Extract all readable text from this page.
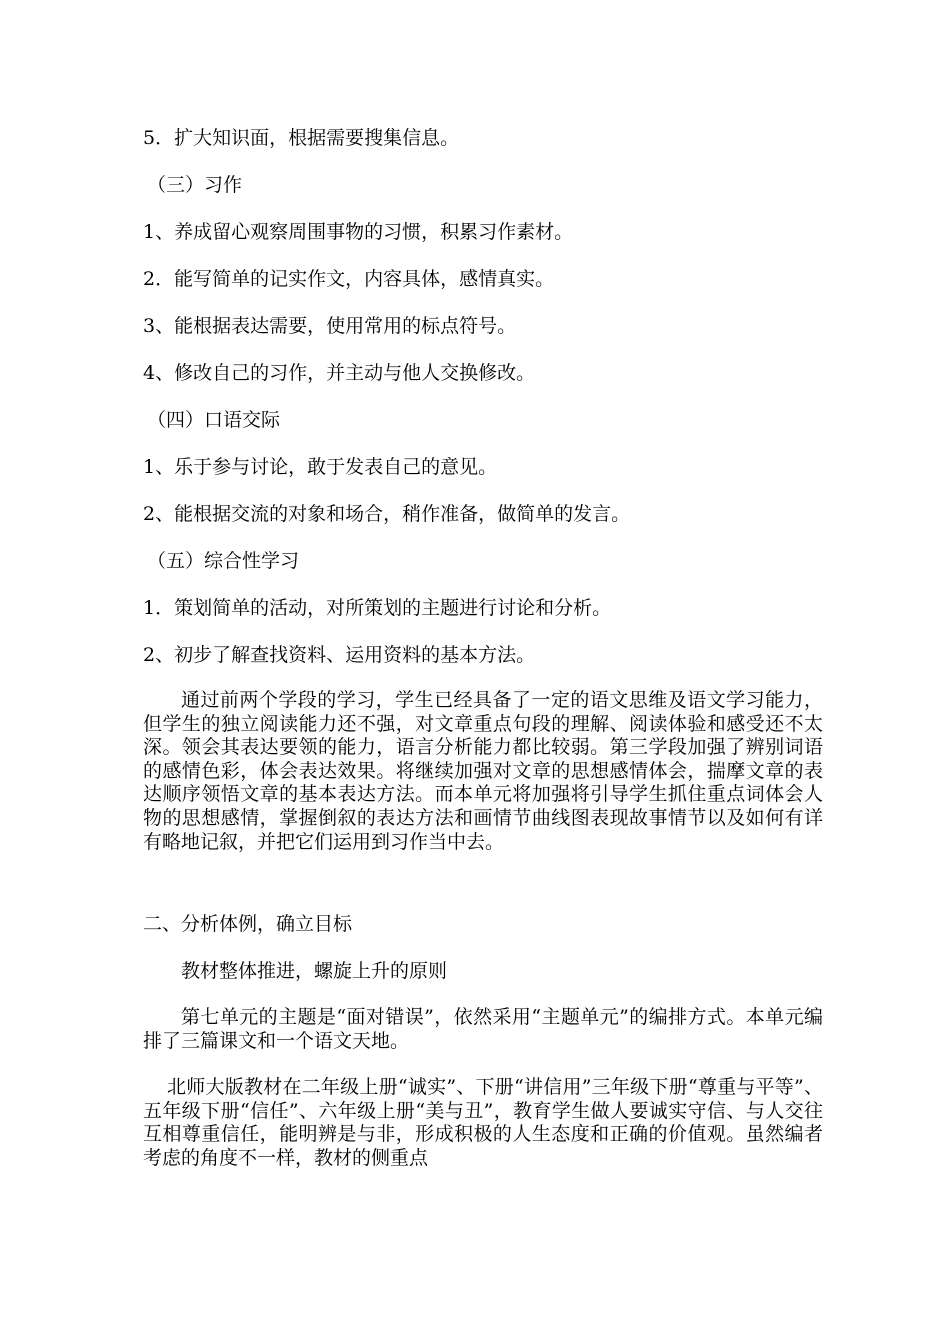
5．扩大知识面，根据需要搜集信息。
（三）习作
1、养成留心观察周围事物的习惯，积累习作素材。
2．能写简单的记实作文，内容具体，感情真实。
3、能根据表达需要，使用常用的标点符号。
4、修改自己的习作，并主动与他人交换修改。
（四）口语交际
1、乐于参与讨论，敢于发表自己的意见。
2、能根据交流的对象和场合，稍作准备，做简单的发言。
（五）综合性学习
1．策划简单的活动，对所策划的主题进行讨论和分析。
2、初步了解查找资料、运用资料的基本方法。
通过前两个学段的学习，学生已经具备了一定的语文思维及语文学习能力，但学生的独立阅读能力还不强，对文章重点句段的理解、阅读体验和感受还不太深。领会其表达要领的能力，语言分析能力都比较弱。第三学段加强了辨别词语的感情色彩，体会表达效果。将继续加强对文章的思想感情体会，揣摩文章的表达顺序领悟文章的基本表达方法。而本单元将加强将引导学生抓住重点词体会人物的思想感情，掌握倒叙的表达方法和画情节曲线图表现故事情节以及如何有详有略地记叙，并把它们运用到习作当中去。
二、分析体例，确立目标
教材整体推进，螺旋上升的原则
第七单元的主题是“面对错误”，依然采用“主题单元”的编排方式。本单元编排了三篇课文和一个语文天地。
北师大版教材在二年级上册“诚实”、下册“讲信用”三年级下册“尊重与平等”、五年级下册“信任”、六年级上册“美与丑”，教育学生做人要诚实守信、与人交往互相尊重信任，能明辨是与非，形成积极的人生态度和正确的价值观。虽然编者考虑的角度不一样，教材的侧重点
